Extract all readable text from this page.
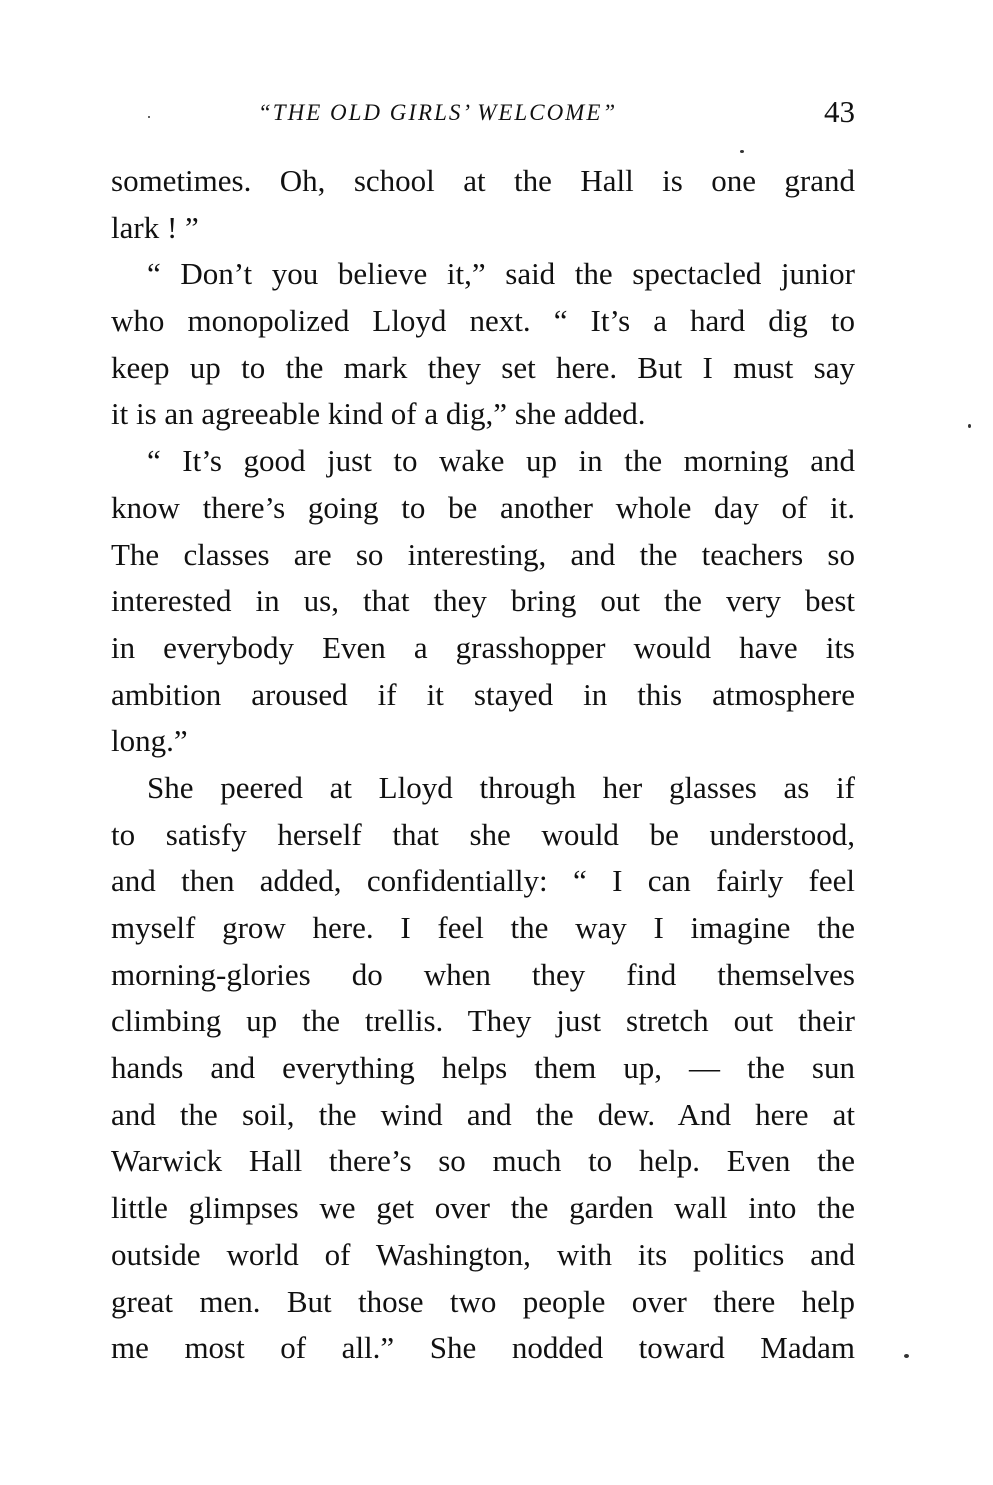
“THE OLD GIRLS’ WELCOME”	43
sometimes. Oh, school at the Hall is one grand
lark ! ”
“ Don’t you believe it,” said the spectacled junior
who monopolized Lloyd next. “ It’s a hard dig to
keep up to the mark they set here. But I must say
it is an agreeable kind of a dig,” she added.
“ It’s good just to wake up in the morning and
know there’s going to be another whole day of it.
The classes are so interesting, and the teachers so
interested in us, that they bring out the very best
in everybody Even a grasshopper would have its
ambition aroused if it stayed in this atmosphere
long.”
She peered at Lloyd through her glasses as if
to satisfy herself that she would be understood,
and then added, confidentially: “ I can fairly feel
myself grow here. I feel the way I imagine the
morning-glories do when they find themselves
climbing up the trellis. They just stretch out their
hands and everything helps them up, — the sun
and the soil, the wind and the dew. And here at
Warwick Hall there’s so much to help. Even the
little glimpses we get over the garden wall into the
outside world of Washington, with its politics and
great men. But those two people over there help
me most of all.” She nodded toward Madam
